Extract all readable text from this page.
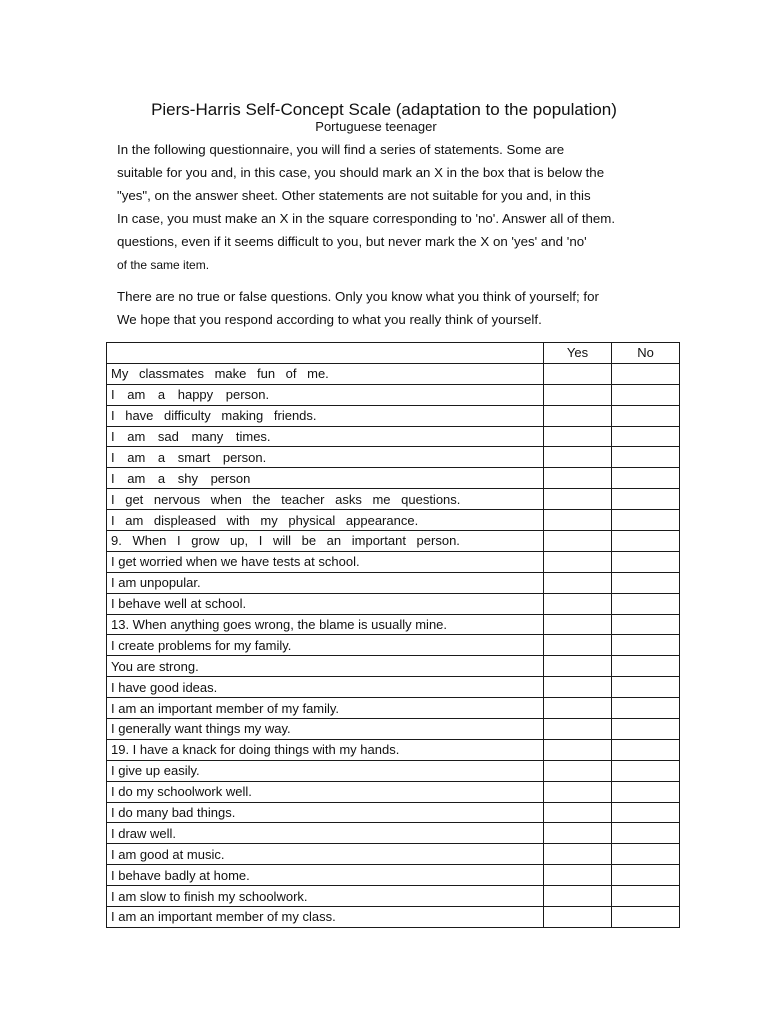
Piers-Harris Self-Concept Scale (adaptation to the population)
Portuguese teenager

In the following questionnaire, you will find a series of statements. Some are
suitable for you and, in this case, you should mark an X in the box that is below the
"yes", on the answer sheet. Other statements are not suitable for you and, in this
In case, you must make an X in the square corresponding to 'no'. Answer all of them.
questions, even if it seems difficult to you, but never mark the X on 'yes' and 'no'
of the same item.

There are no true or false questions. Only you know what you think of yourself; for
We hope that you respond according to what you really think of yourself.

	Yes	No
My classmates make fun of me.		
I am a happy person.		
I have difficulty making friends.		
I am sad many times.		
I am a smart person.		
I am a shy person		
I get nervous when the teacher asks me questions.		
I am displeased with my physical appearance.		
9. When I grow up, I will be an important person.		
I get worried when we have tests at school.		
I am unpopular.		
I behave well at school.		
13. When anything goes wrong, the blame is usually mine.		
I create problems for my family.		
You are strong.		
I have good ideas.		
I am an important member of my family.		
I generally want things my way.		
19. I have a knack for doing things with my hands.		
I give up easily.		
I do my schoolwork well.		
I do many bad things.		
I draw well.		
I am good at music.		
I behave badly at home.		
I am slow to finish my schoolwork.		
I am an important member of my class.		
